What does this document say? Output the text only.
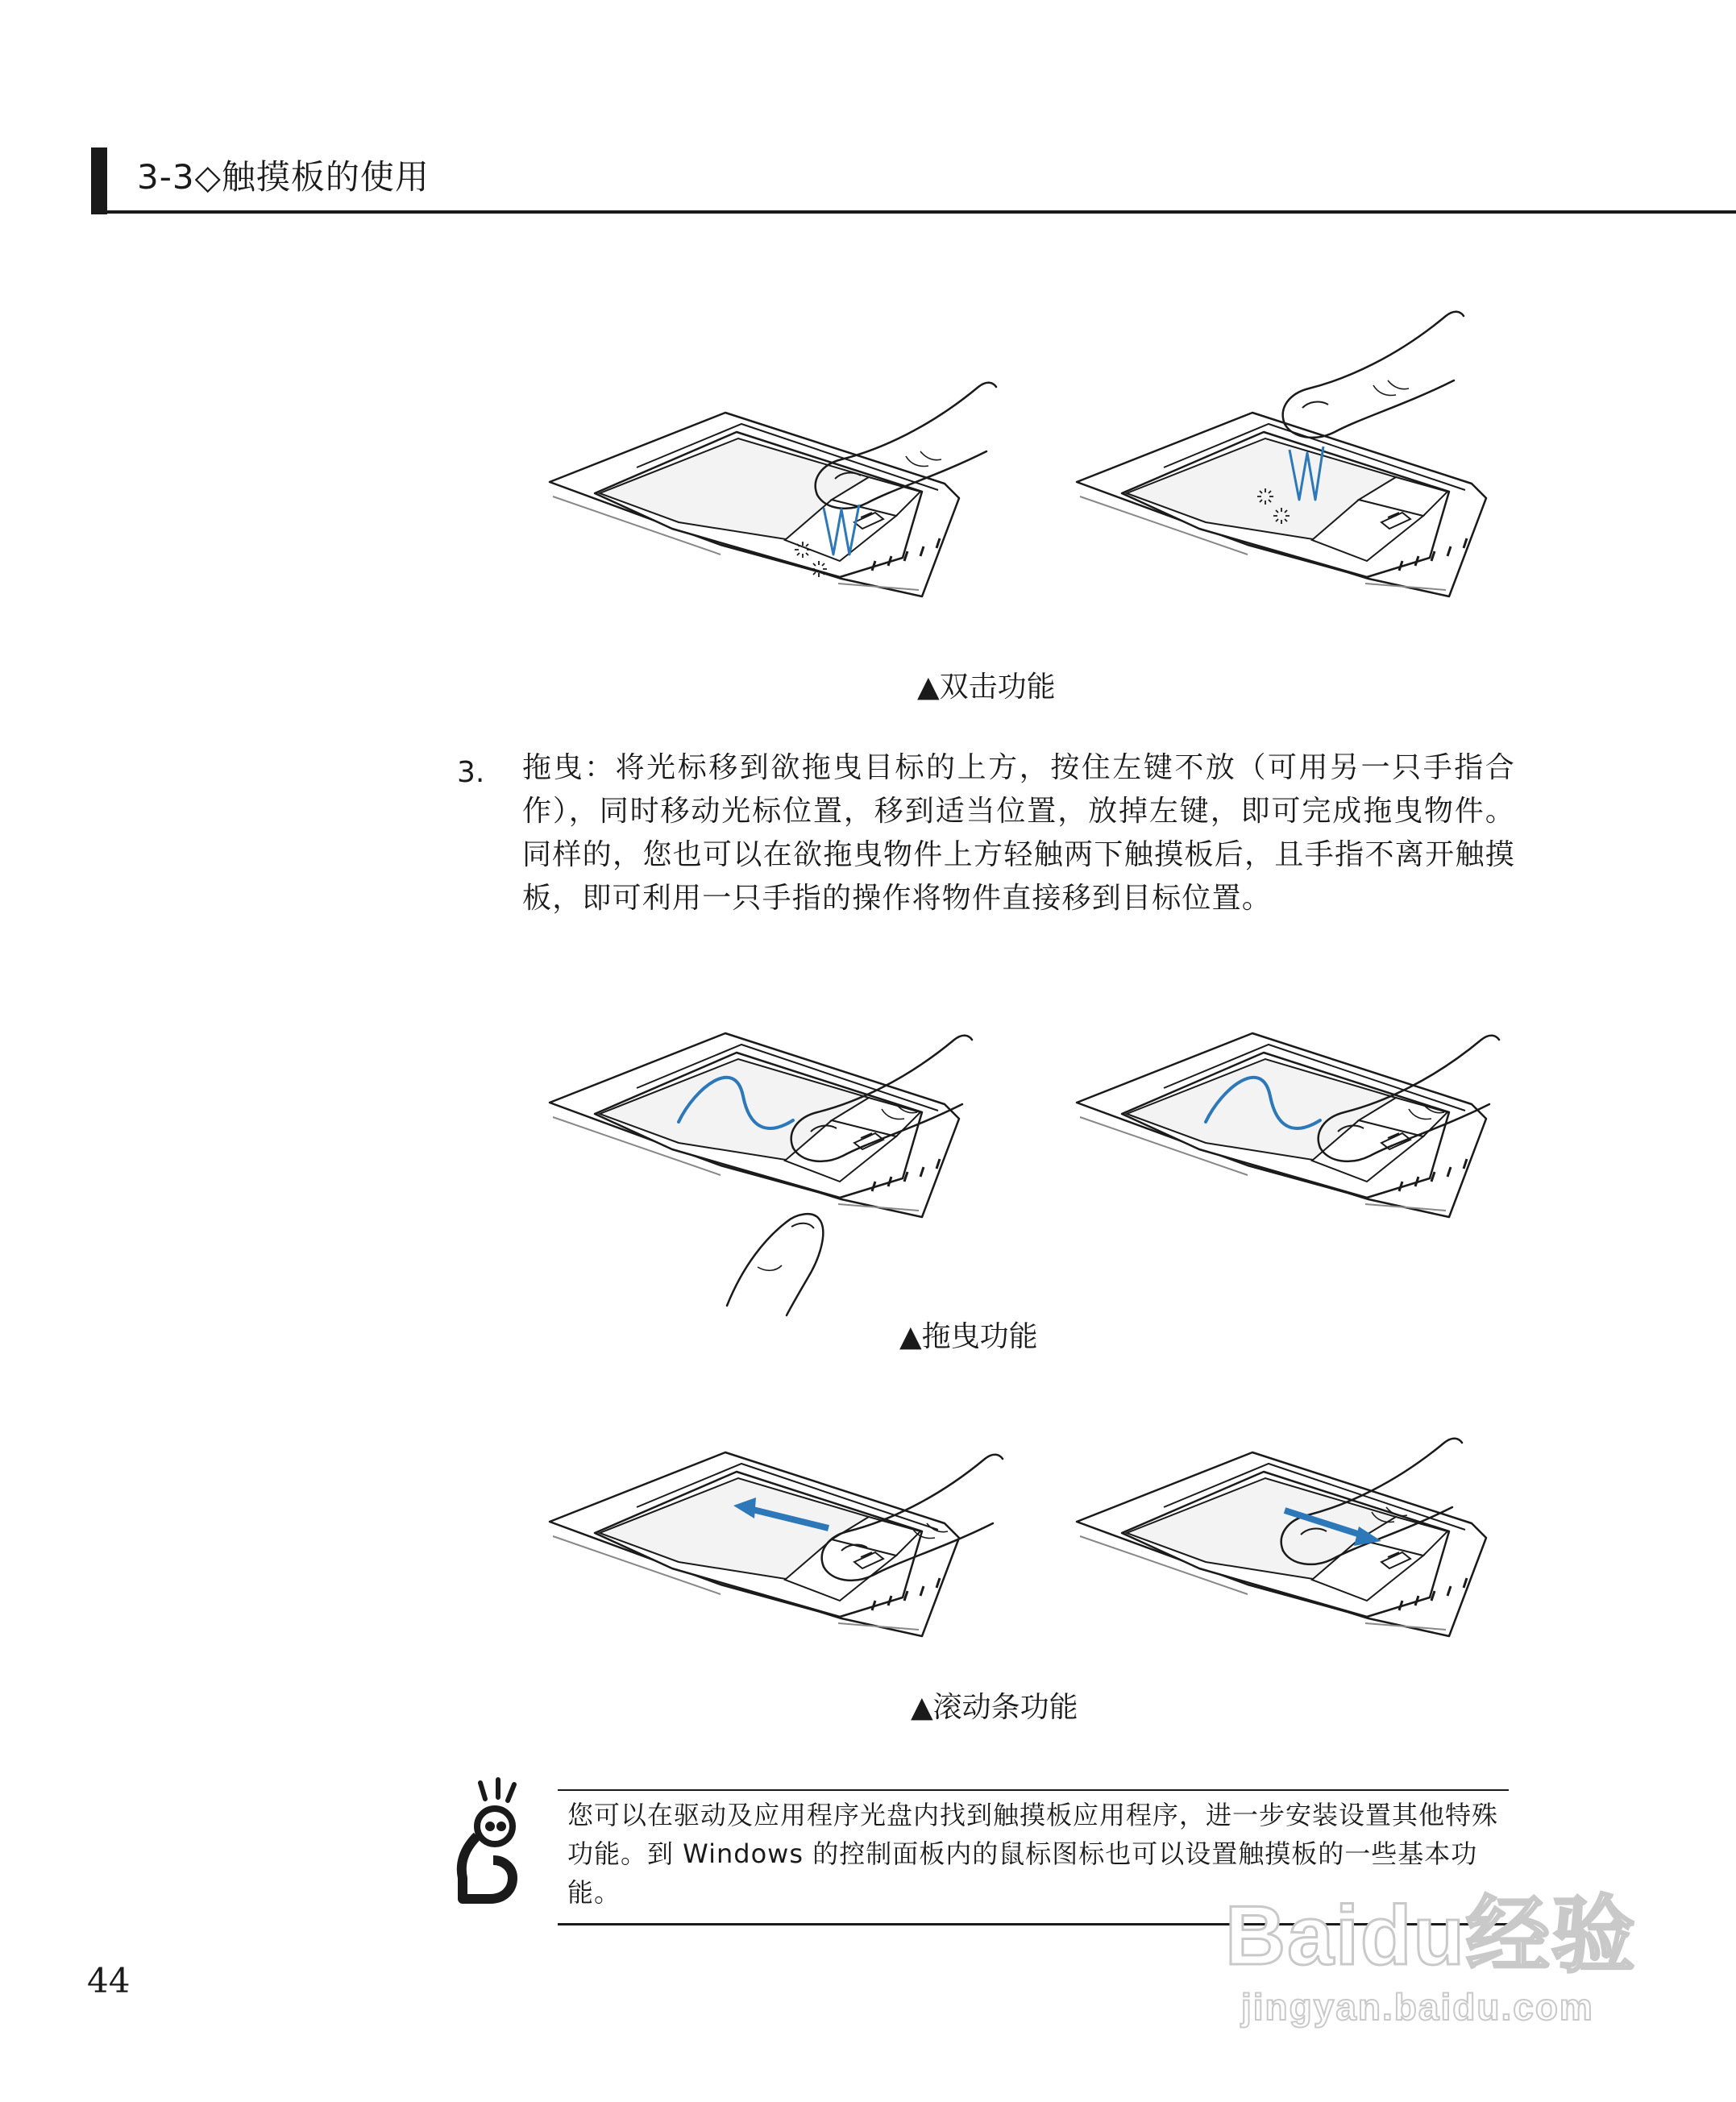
3-3◇触摸板的使用
▲双击功能
3. 拖曳：将光标移到欲拖曳目标的上方，按住左键不放（可用另一只手指合作），同时移动光标位置，移到适当位置，放掉左键，即可完成拖曳物件。同样的，您也可以在欲拖曳物件上方轻触两下触摸板后，且手指不离开触摸板，即可利用一只手指的操作将物件直接移到目标位置。
▲拖曳功能
▲滚动条功能
您可以在驱动及应用程序光盘内找到触摸板应用程序，进一步安装设置其他特殊功能。到 Windows 的控制面板内的鼠标图标也可以设置触摸板的一些基本功能。
44	Baidu经验
jingyan.baidu.com
